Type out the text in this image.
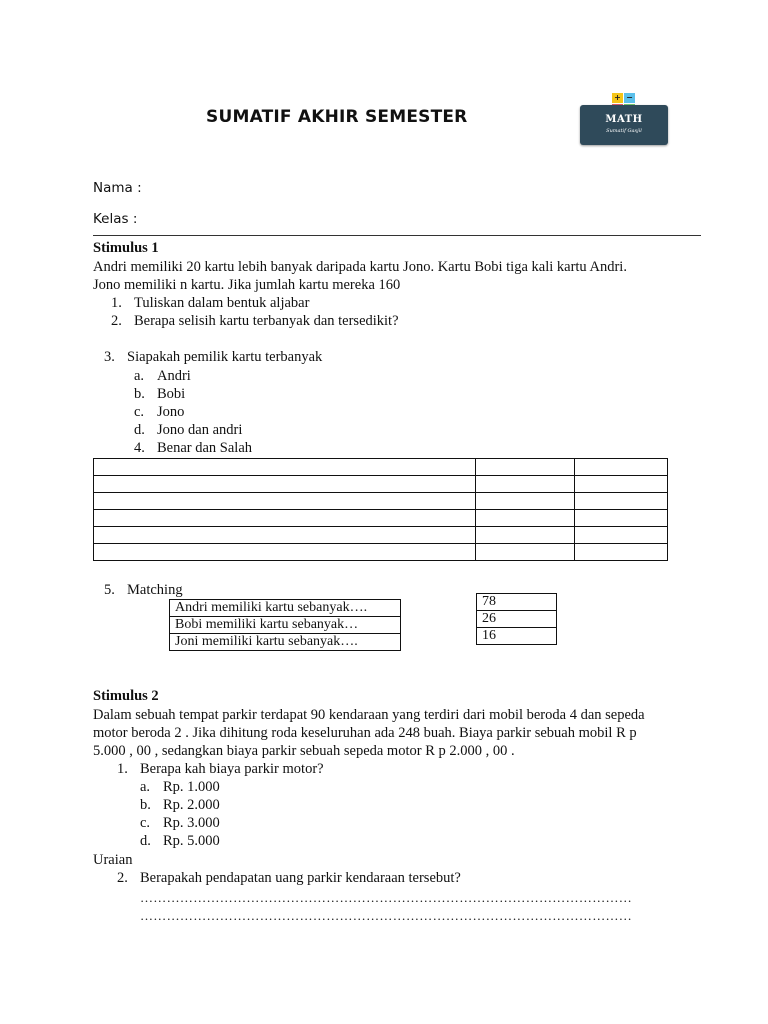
SUMATIF AKHIR SEMESTER
+ −
MATH
Sumatif Gasjil
Nama :
Kelas :
Stimulus 1
Andri memiliki 20 kartu lebih banyak daripada kartu Jono. Kartu Bobi tiga kali kartu Andri.
Jono memiliki n kartu. Jika jumlah kartu mereka 160
1. Tuliskan dalam bentuk aljabar
2. Berapa selisih kartu terbanyak dan tersedikit?
3. Siapakah pemilik kartu terbanyak
a. Andri
b. Bobi
c. Jono
d. Jono dan andri
4. Benar dan Salah

5. Matching
Andri memiliki kartu sebanyak….
Bobi memiliki kartu sebanyak…
Joni memiliki kartu sebanyak….
78
26
16
Stimulus 2
Dalam sebuah tempat parkir terdapat 90 kendaraan yang terdiri dari mobil beroda 4 dan sepeda
motor beroda 2 . Jika dihitung roda keseluruhan ada 248 buah. Biaya parkir sebuah mobil R p
5.000 , 00 , sedangkan biaya parkir sebuah sepeda motor R p 2.000 , 00 .
1. Berapa kah biaya parkir motor?
a. Rp. 1.000
b. Rp. 2.000
c. Rp. 3.000
d. Rp. 5.000
Uraian
2. Berapakah pendapatan uang parkir kendaraan tersebut?
…………………………………………………………………………………………………
…………………………………………………………………………………………………
